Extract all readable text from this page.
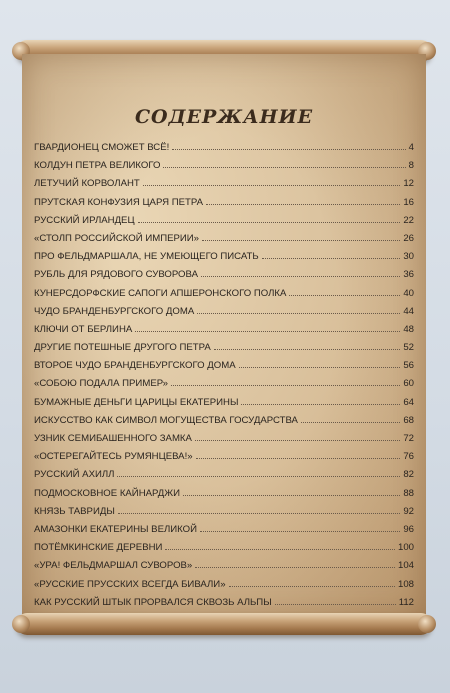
СОДЕРЖАНИЕ
ГВАРДИОНЕЦ СМОЖЕТ ВСЁ!	4
КОЛДУН ПЕТРА ВЕЛИКОГО	8
ЛЕТУЧИЙ КОРВОЛАНТ	12
ПРУТСКАЯ КОНФУЗИЯ ЦАРЯ ПЕТРА	16
РУССКИЙ ИРЛАНДЕЦ	22
«СТОЛП РОССИЙСКОЙ ИМПЕРИИ»	26
ПРО ФЕЛЬДМАРШАЛА, НЕ УМЕЮЩЕГО ПИСАТЬ	30
РУБЛЬ ДЛЯ РЯДОВОГО СУВОРОВА	36
КУНЕРСДОРФСКИЕ САПОГИ АПШЕРОНСКОГО ПОЛКА	40
ЧУДО БРАНДЕНБУРГСКОГО ДОМА	44
КЛЮЧИ ОТ БЕРЛИНА	48
ДРУГИЕ ПОТЕШНЫЕ ДРУГОГО ПЕТРА	52
ВТОРОЕ ЧУДО БРАНДЕНБУРГСКОГО ДОМА	56
«СОБОЮ ПОДАЛА ПРИМЕР»	60
БУМАЖНЫЕ ДЕНЬГИ ЦАРИЦЫ ЕКАТЕРИНЫ	64
ИСКУССТВО КАК СИМВОЛ МОГУЩЕСТВА ГОСУДАРСТВА	68
УЗНИК СЕМИБАШЕННОГО ЗАМКА	72
«ОСТЕРЕГАЙТЕСЬ РУМЯНЦЕВА!»	76
РУССКИЙ АХИЛЛ	82
ПОДМОСКОВНОЕ КАЙНАРДЖИ	88
КНЯЗЬ ТАВРИДЫ	92
АМАЗОНКИ ЕКАТЕРИНЫ ВЕЛИКОЙ	96
ПОТЁМКИНСКИЕ ДЕРЕВНИ	100
«УРА! ФЕЛЬДМАРШАЛ СУВОРОВ»	104
«РУССКИЕ ПРУССКИХ ВСЕГДА БИВАЛИ»	108
КАК РУССКИЙ ШТЫК ПРОРВАЛСЯ СКВОЗЬ АЛЬПЫ	112
